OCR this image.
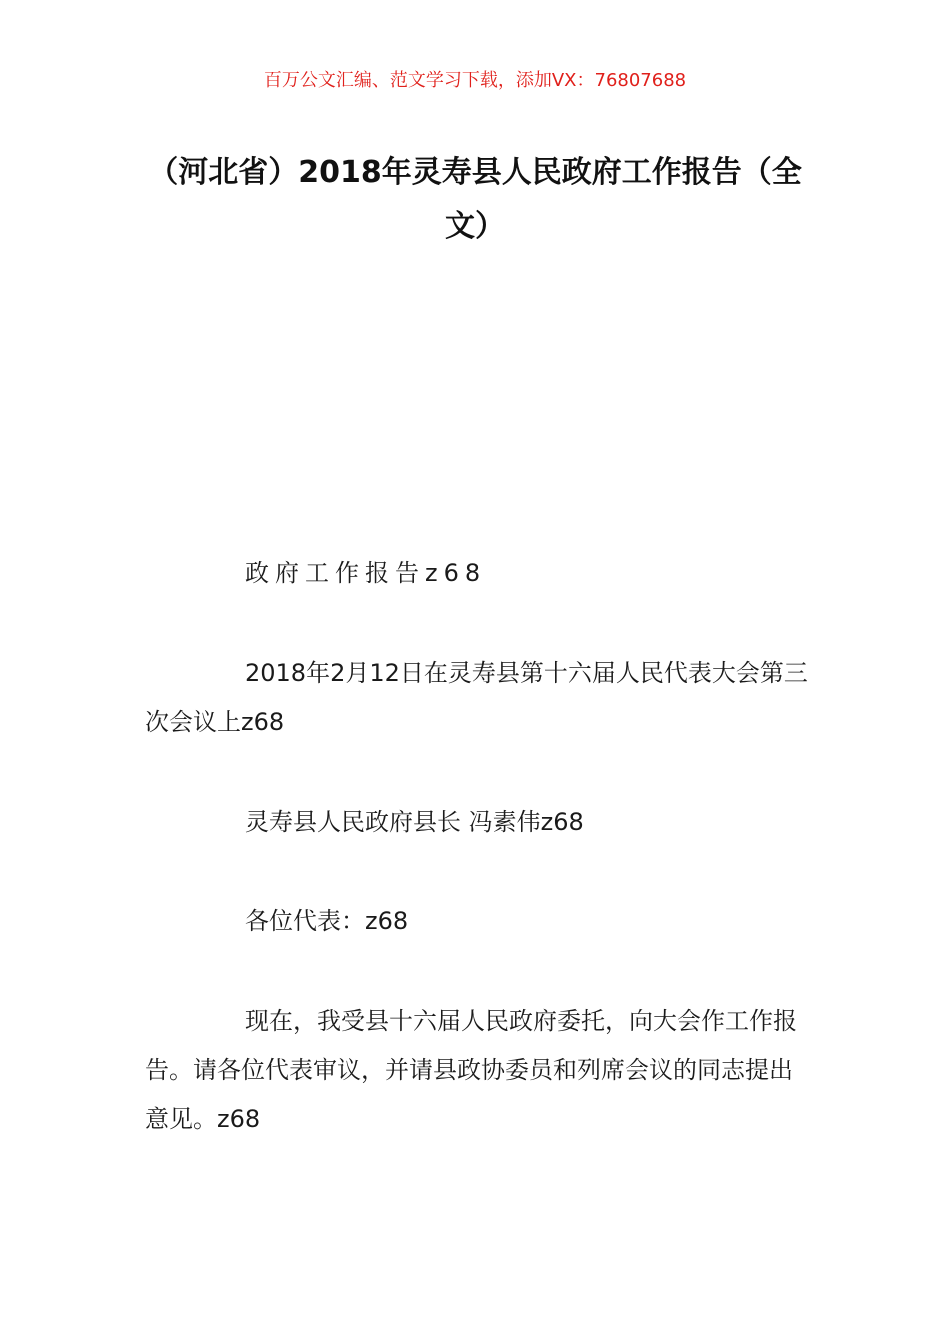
百万公文汇编、范文学习下载，添加VX：76807688
（河北省）2018年灵寿县人民政府工作报告（全文）

政府工作报告z68

2018年2月12日在灵寿县第十六届人民代表大会第三次会议上z68

灵寿县人民政府县长 冯素伟z68

各位代表：z68

现在，我受县十六届人民政府委托，向大会作工作报告。请各位代表审议，并请县政协委员和列席会议的同志提出意见。z68
